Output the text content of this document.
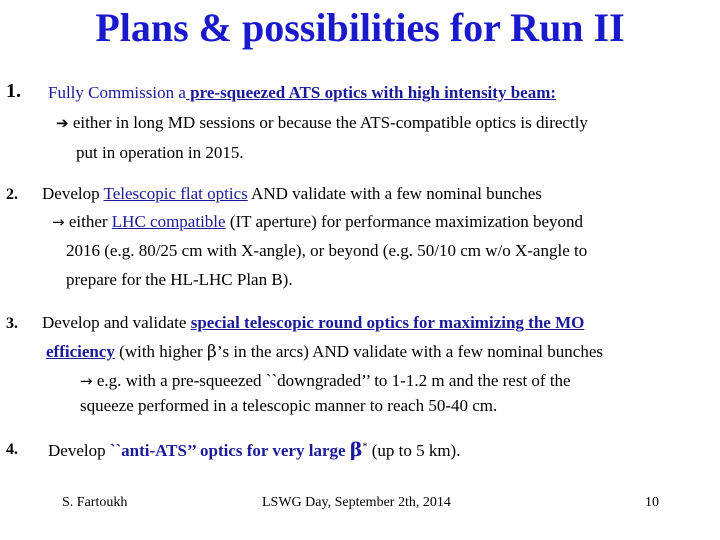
Plans & possibilities for Run II
1. Fully Commission a pre-squeezed ATS optics with high intensity beam:
➔ either in long MD sessions or because the ATS-compatible optics is directly
put in operation in 2015.
2. Develop Telescopic flat optics AND validate with a few nominal bunches
→ either LHC compatible (IT aperture) for performance maximization beyond
2016 (e.g. 80/25 cm with X-angle), or beyond (e.g. 50/10 cm w/o X-angle to
prepare for the HL-LHC Plan B).
3. Develop and validate special telescopic round optics for maximizing the MO
efficiency (with higher β’s in the arcs) AND validate with a few nominal bunches
→ e.g. with a pre-squeezed ``downgraded’’ to 1-1.2 m and the rest of the
squeeze performed in a telescopic manner to reach 50-40 cm.
4. Develop ``anti-ATS’’ optics for very large β* (up to 5 km).
S. Fartoukh	LSWG Day, September 2th, 2014	10
